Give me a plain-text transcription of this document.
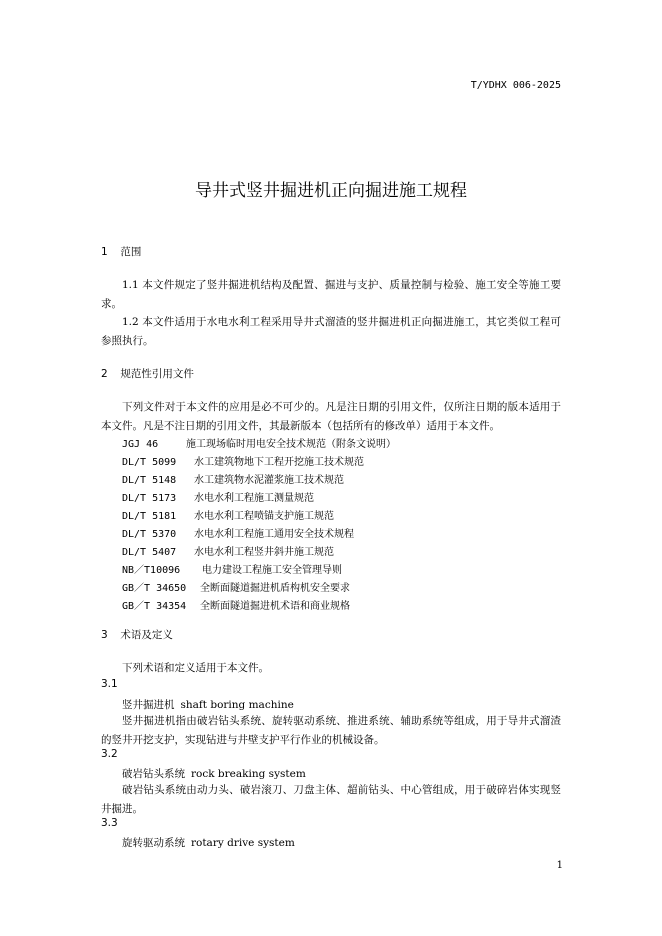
T/YDHX 006-2025
导井式竖井掘进机正向掘进施工规程
1 范围
1.1 本文件规定了竖井掘进机结构及配置、掘进与支护、质量控制与检验、施工安全等施工要求。
1.2 本文件适用于水电水利工程采用导井式溜渣的竖井掘进机正向掘进施工，其它类似工程可参照执行。
2 规范性引用文件
下列文件对于本文件的应用是必不可少的。凡是注日期的引用文件，仅所注日期的版本适用于本文件。凡是不注日期的引用文件，其最新版本（包括所有的修改单）适用于本文件。
JGJ 46	施工现场临时用电安全技术规范（附条文说明）
DL/T 5099 水工建筑物地下工程开挖施工技术规范
DL/T 5148 水工建筑物水泥灌浆施工技术规范
DL/T 5173 水电水利工程施工测量规范
DL/T 5181 水电水利工程喷锚支护施工规范
DL/T 5370 水电水利工程施工通用安全技术规程
DL/T 5407 水电水利工程竖井斜井施工规范
NB／T10096 电力建设工程施工安全管理导则
GB／T 34650 全断面隧道掘进机盾构机安全要求
GB／T 34354 全断面隧道掘进机术语和商业规格
3 术语及定义
下列术语和定义适用于本文件。
3.1
竖井掘进机 shaft boring machine
竖井掘进机指由破岩钻头系统、旋转驱动系统、推进系统、辅助系统等组成，用于导井式溜渣的竖井开挖支护，实现钻进与井壁支护平行作业的机械设备。
3.2
破岩钻头系统 rock breaking system
破岩钻头系统由动力头、破岩滚刀、刀盘主体、超前钻头、中心管组成，用于破碎岩体实现竖井掘进。
3.3
旋转驱动系统 rotary drive system
1
